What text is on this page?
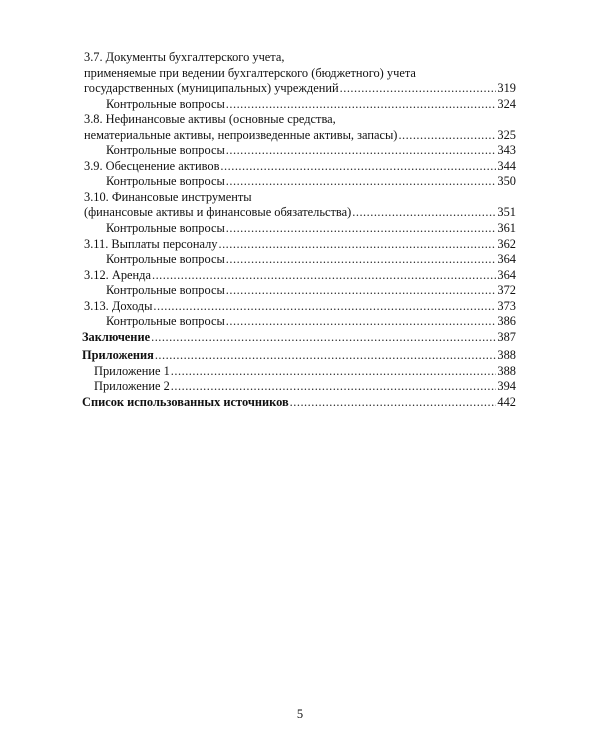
3.7. Документы бухгалтерского учета,
применяемые при ведении бухгалтерского (бюджетного) учета
государственных (муниципальных) учреждений .....	319
Контрольные вопросы .....	324
3.8. Нефинансовые активы (основные средства,
нематериальные активы, непроизведенные активы, запасы) .....	325
Контрольные вопросы .....	343
3.9. Обесценение активов .....	344
Контрольные вопросы .....	350
3.10. Финансовые инструменты
(финансовые активы и финансовые обязательства) .....	351
Контрольные вопросы .....	361
3.11. Выплаты персоналу .....	362
Контрольные вопросы .....	364
3.12. Аренда .....	364
Контрольные вопросы .....	372
3.13. Доходы .....	373
Контрольные вопросы .....	386
Заключение .....	387
Приложения .....	388
Приложение 1 .....	388
Приложение 2 .....	394
Список использованных источников .....	442
5
